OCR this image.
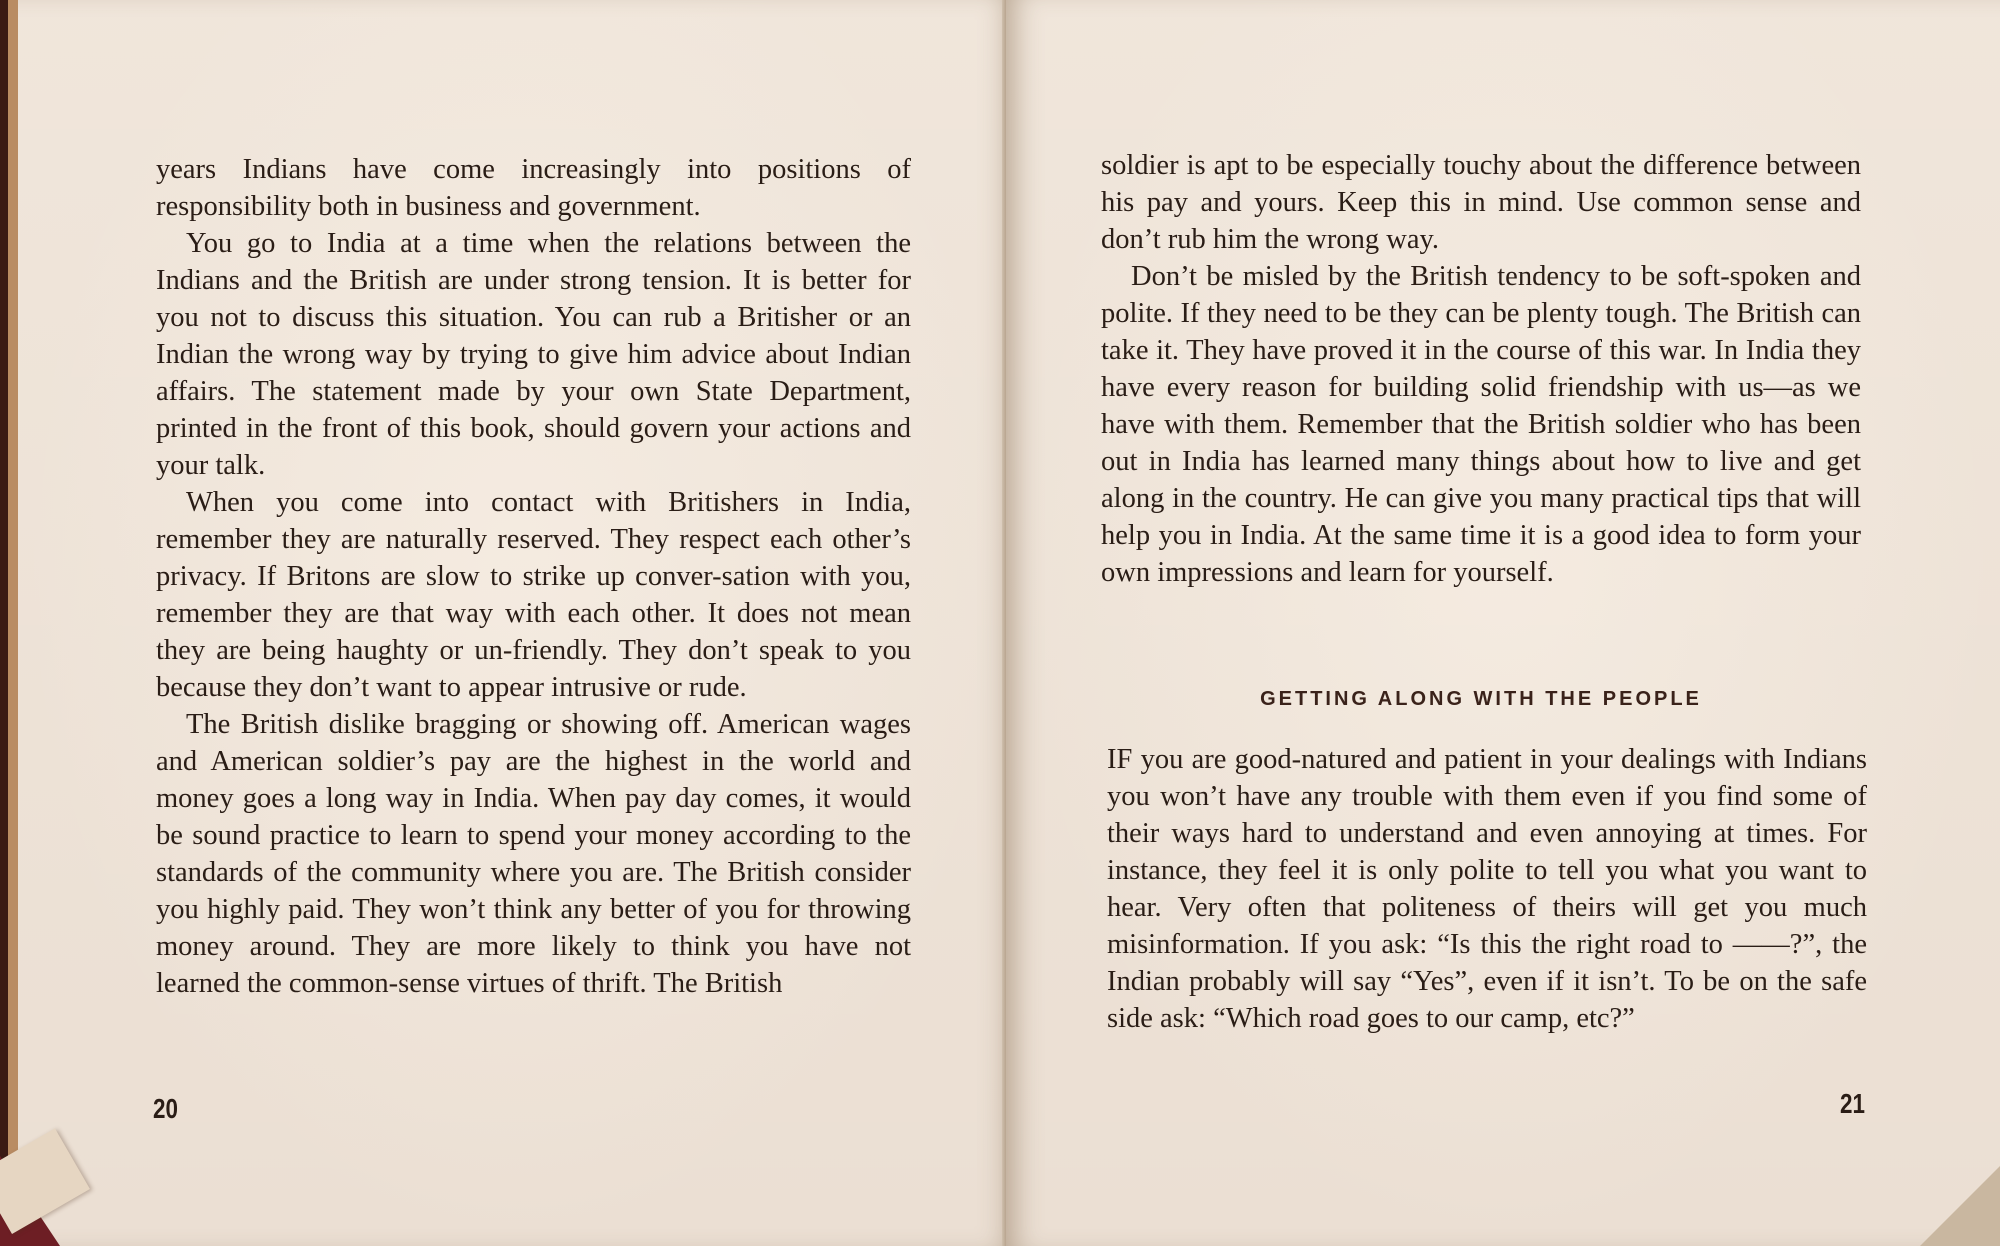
years Indians have come increasingly into positions of responsibility both in business and government.

You go to India at a time when the relations between the Indians and the British are under strong tension. It is better for you not to discuss this situation. You can rub a Britisher or an Indian the wrong way by trying to give him advice about Indian affairs. The statement made by your own State Department, printed in the front of this book, should govern your actions and your talk.

When you come into contact with Britishers in India, remember they are naturally reserved. They respect each other’s privacy. If Britons are slow to strike up conver-sation with you, remember they are that way with each other. It does not mean they are being haughty or un-friendly. They don’t speak to you because they don’t want to appear intrusive or rude.

The British dislike bragging or showing off. American wages and American soldier’s pay are the highest in the world and money goes a long way in India. When pay day comes, it would be sound practice to learn to spend your money according to the standards of the community where you are. The British consider you highly paid. They won’t think any better of you for throwing money around. They are more likely to think you have not learned the common-sense virtues of thrift. The British

20

soldier is apt to be especially touchy about the difference between his pay and yours. Keep this in mind. Use common sense and don’t rub him the wrong way.

Don’t be misled by the British tendency to be soft-spoken and polite. If they need to be they can be plenty tough. The British can take it. They have proved it in the course of this war. In India they have every reason for building solid friendship with us—as we have with them. Remember that the British soldier who has been out in India has learned many things about how to live and get along in the country. He can give you many practical tips that will help you in India. At the same time it is a good idea to form your own impressions and learn for yourself.

GETTING ALONG WITH THE PEOPLE

IF you are good-natured and patient in your dealings with Indians you won’t have any trouble with them even if you find some of their ways hard to understand and even annoying at times. For instance, they feel it is only polite to tell you what you want to hear. Very often that politeness of theirs will get you much misinformation. If you ask: “Is this the right road to ——?”, the Indian probably will say “Yes”, even if it isn’t. To be on the safe side ask: “Which road goes to our camp, etc?”

21
